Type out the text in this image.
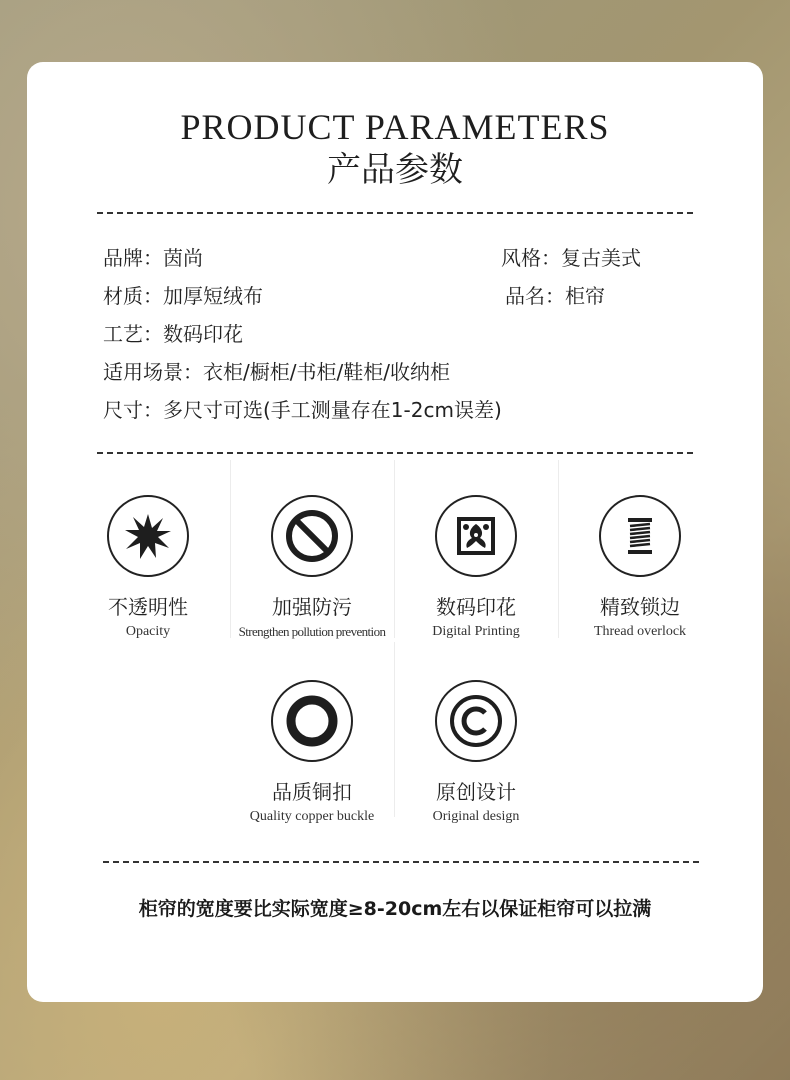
PRODUCT PARAMETERS
产品参数
品牌：茵尚	风格：复古美式
材质：加厚短绒布	品名：柜帘
工艺：数码印花
适用场景：衣柜/橱柜/书柜/鞋柜/收纳柜
尺寸：多尺寸可选(手工测量存在1-2cm误差)
不透明性
Opacity
加强防污
Strengthen pollution prevention
数码印花
Digital Printing
精致锁边
Thread overlock
品质铜扣
Quality copper buckle
原创设计
Original design
柜帘的宽度要比实际宽度≥8-20cm左右以保证柜帘可以拉满
